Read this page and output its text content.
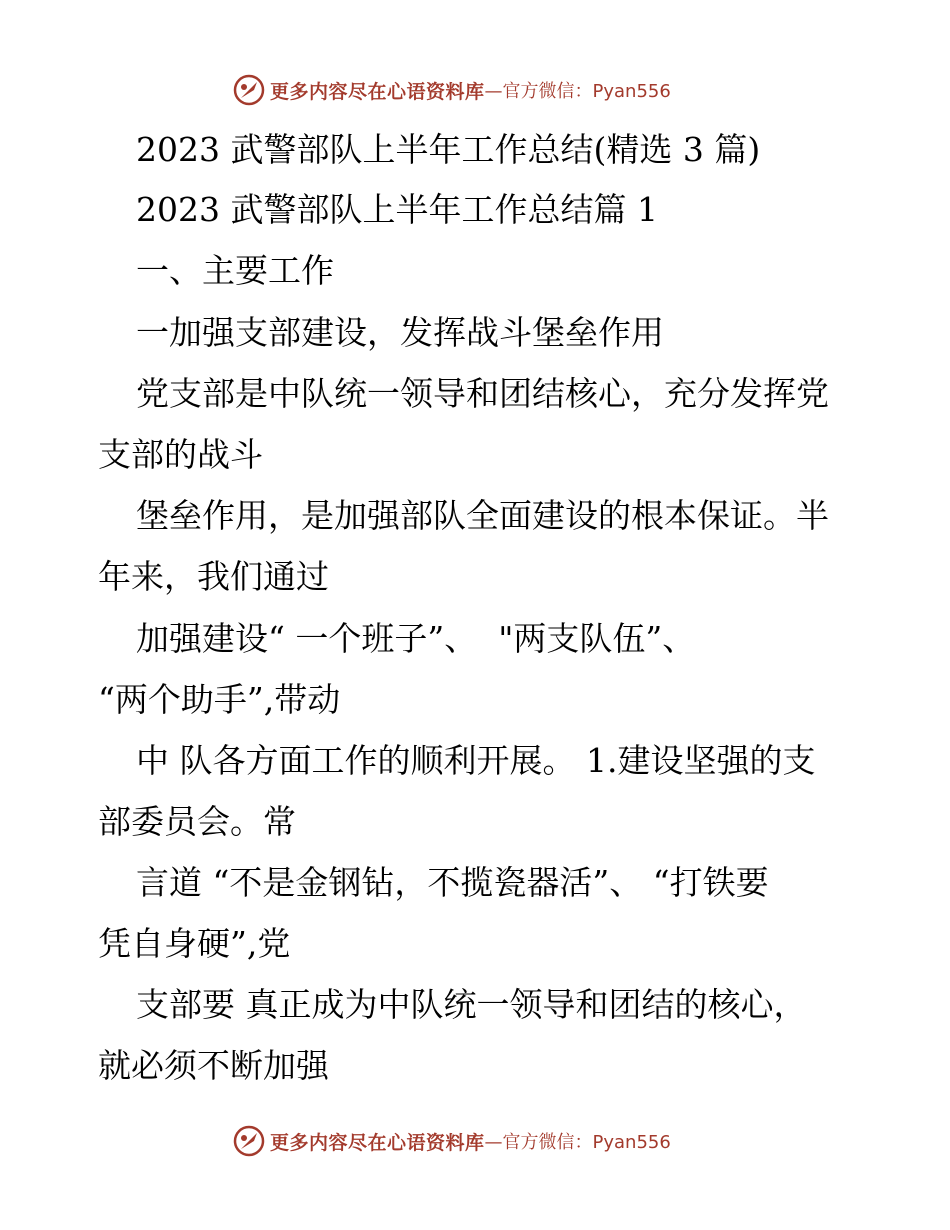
更多内容尽在心语资料库 —官方微信：Pyan556
2023 武警部队上半年工作总结(精选 3 篇)
2023 武警部队上半年工作总结篇 1
一、主要工作
一加强支部建设，发挥战斗堡垒作用
党支部是中队统一领导和团结核心，充分发挥党
支部的战斗
堡垒作用，是加强部队全面建设的根本保证。半
年来，我们通过
加强建设“ 一个班子”、  "两支队伍”、
“两个助手”,带动
中 队各方面工作的顺利开展。 1.建设坚强的支
部委员会。常
言道 “不是金钢钻，不揽瓷器活”、 “打铁要
凭自身硬”,党
支部要 真正成为中队统一领导和团结的核心，
就必须不断加强
更多内容尽在心语资料库 —官方微信：Pyan556
